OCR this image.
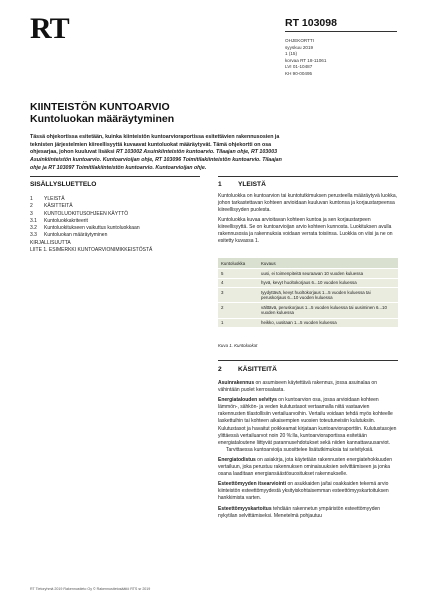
RT	RT 103098
OHJEKORTTI
syyskuu 2019
1 (15)
korvaa RT 18-11061
LVI 01-10487
KH 90-00495
KIINTEISTÖN KUNTOARVIO
Kuntoluokan määräytyminen
Tässä ohjekortissa esitetään, kuinka kiinteistön kuntoarvioraportissa esitettävien rakennusosien ja teknisten järjestelmien kiireellisyyttä kuvaavat kuntoluokat määräytyvät. Tämä ohjekortti on osa ohjesarjaa, johon kuuluvat lisäksi RT 103002 Asuinkiinteistön kuntoarvio. Tilaajan ohje, RT 103003 Asuinkiinteistön kuntoarvio. Kuntoarvioijan ohje, RT 103096 Toimitilakiinteistön kuntoarvio. Tilaajan ohje ja RT 103097 Toimitilakiinteistön kuntoarvio. Kuntoarvioijan ohje.
SISÄLLYSLUETTELO
1	YLEISTÄ
2	KÄSITTEITÄ
3	KUNTOLUOKITUSOHJEEN KÄYTTÖ
3.1	Kuntoluokkakriteerit
3.2	Kuntoluokitukseen vaikuttus kuntoluokkaan
3.3	Kuntoluokan määräytyminen
KIRJALLISUUTTA
LIITE 1. ESIMERKKI KUNTOARVIONIMIKKEISTÖSTÄ
1 YLEISTÄ
Kuntoluokka on kuntoarvion tai kuntotutkimuksen perusteella määräytyvä luokka, johon tarkastettavan kohteen arvioidaan kuuluvan kuntonsa ja korjaustarpeensa kiireellisyyden puolesta.
Kuntoluokka kuvaa arvioitavan kohteen kuntoa ja sen korjaustarpeen kiireellisyyttä. Se on kuntoarvioijan arvio kohteen kunnosta. Luokituksen avulla rakennusosia ja rakennuksia voidaan verrata toisiinsa. Luokkia on viisi ja ne on esitetty kuvassa 1.
Kuntoluokka	Kuvaus
5	uusi, ei toimenpiteitä seuraavan 10 vuoden kuluessa
4	hyvä, kevyt huoltokorjaus 6...10 vuoden kuluessa
3	tyydyttävä, kevyt huoltokorjaus 1...5 vuoden kuluessa tai peruskorjaus 6...10 vuoden kuluessa
2	välttävä, peruskorjaus 1...5 vuoden kuluessa tai uusiminen 6...10 vuoden kuluessa
1	heikko, uusitaan 1...5 vuoden kuluessa
Kuva 1. Kuntoluokat
2 KÄSITTEITÄ

Asuinrakennus on asumiseen käytettävä rakennus, jossa asuinalaa on vähintään puolet kerrosalasta.

Energiatalouden selvitys on kuntoarvion osa, jossa arvioidaan kohteen lämmön-, sähkön- ja veden kulutustasot vertaamalla niitä vastaavien rakennusten tilastollisiin vertailuarvoihin. Vertailu voidaan tehdä myös kohteelle laskettuihin tai kohteen aikaisempien vuosien toteutuneisiin kulutuksiin. Kulutustasot ja havaitut poikkeamat kirjataan kuntoarvioraporttiin. Kulutustasojen ylittäessä vertailuarvot noin 20 %:lla, kuntoarvioraportissa esitetään energiataloutene liittyvät parannusehdotukset sekä niiden kannattavuusarviot.

Tarvittaessa kuntoarvioija suosittelee lisätutkimuksia tai selvityksiä.

Energiatodistus on asiakirja, jota käytetään rakennusten energiatehokkuuden vertailuun, joka perustuu rakennuksen ominaisuuksien selvittämiseen ja jonka osana laaditaan energiansäästösuositukset rakennukselle.

Esteettömyyden itsearviointi on asukkaiden ja/tai osakkaiden tekemä arvio kiinteistön esteettömyydestä yksityiskohtaisemman esteettömyyskartoituksen hankkimista varten.

Esteettömyyskartoitus tehdään rakennetun ympäristön esteettömyyden nykytilan selvittämiseksi. Menetelmä pohjautuu

RT Tietoryhmä 2019 Rakennustieto Oy © Rakennustietosäätiö RTS sr 2019
